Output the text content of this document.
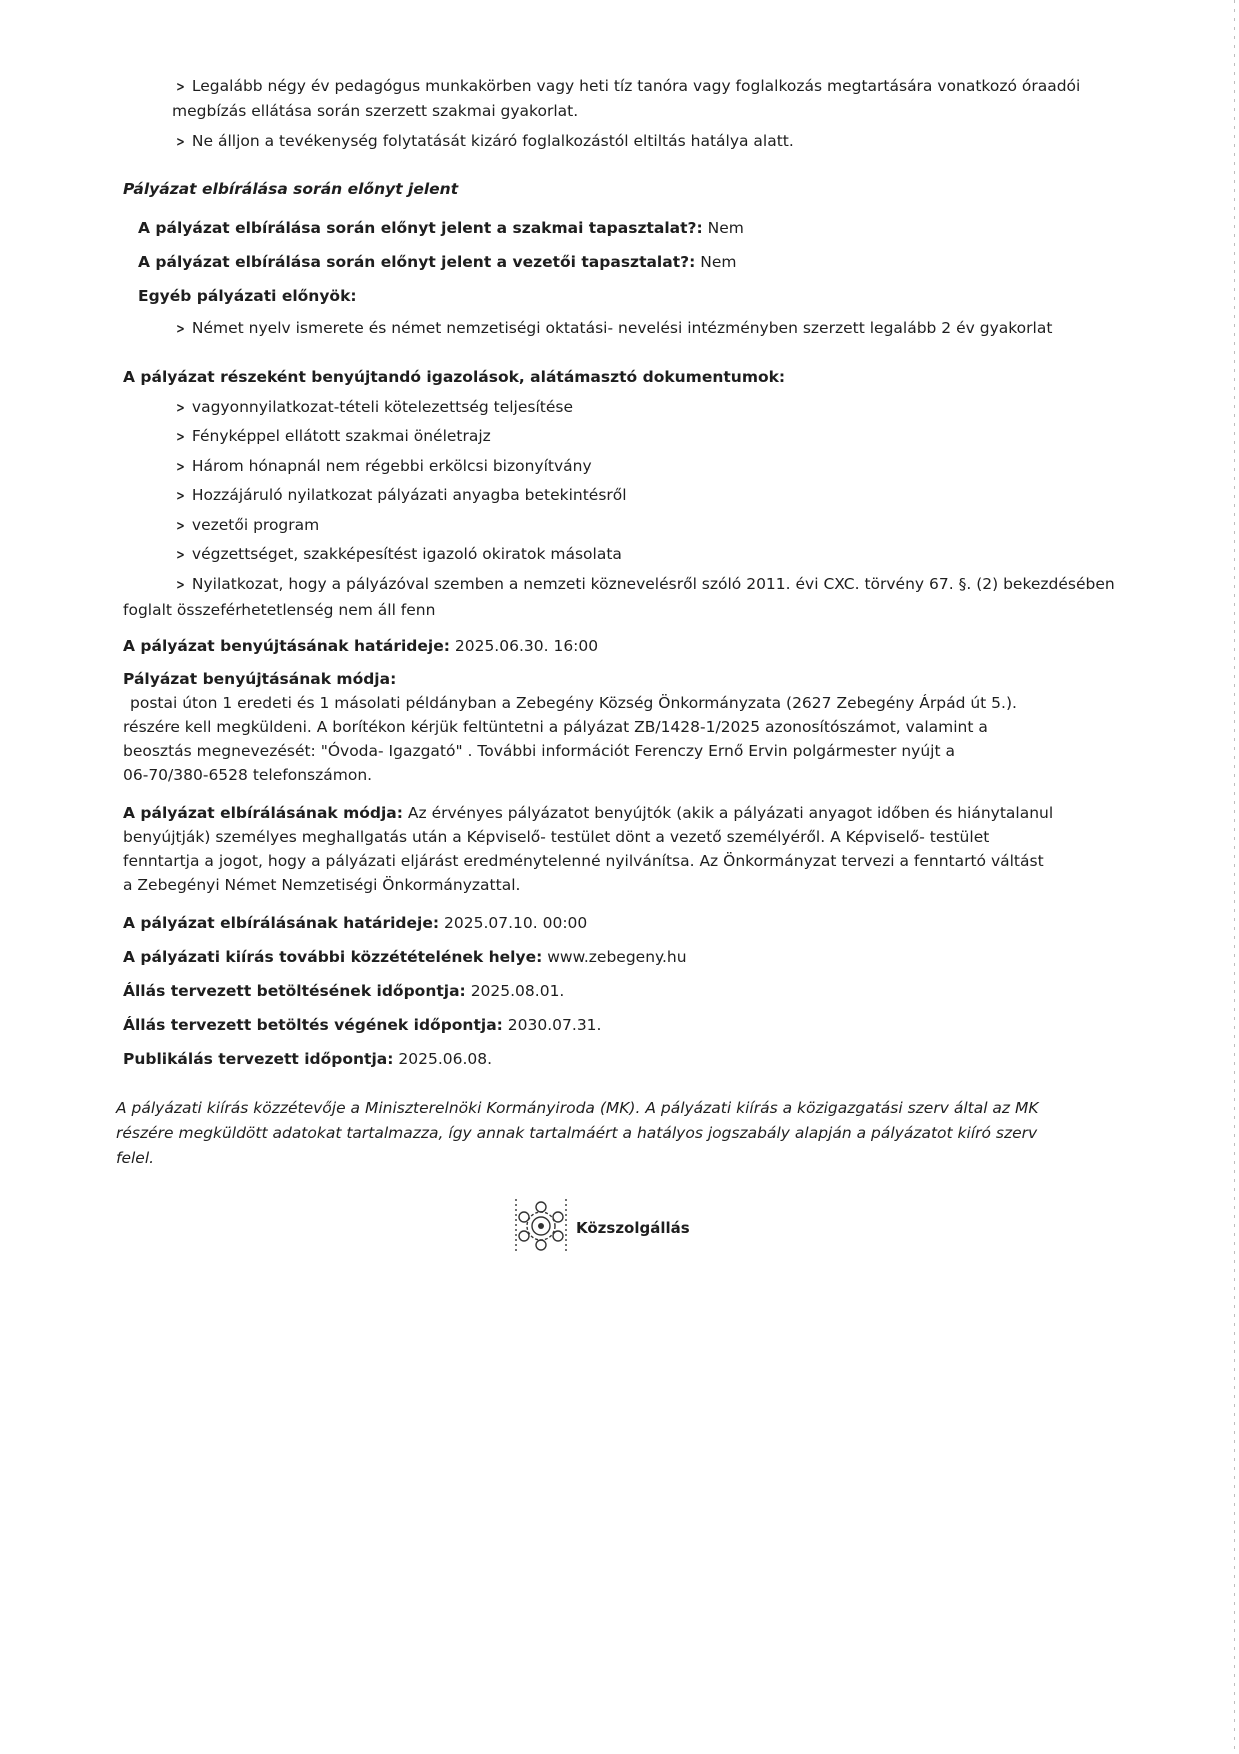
> Legalább négy év pedagógus munkakörben vagy heti tíz tanóra vagy foglalkozás megtartására vonatkozó óraadói
megbízás ellátása során szerzett szakmai gyakorlat.
> Ne álljon a tevékenység folytatását kizáró foglalkozástól eltiltás hatálya alatt.
Pályázat elbírálása során előnyt jelent
A pályázat elbírálása során előnyt jelent a szakmai tapasztalat?: Nem
A pályázat elbírálása során előnyt jelent a vezetői tapasztalat?: Nem
Egyéb pályázati előnyök:
> Német nyelv ismerete és német nemzetiségi oktatási- nevelési intézményben szerzett legalább 2 év gyakorlat
A pályázat részeként benyújtandó igazolások, alátámasztó dokumentumok:
> vagyonnyilatkozat-tételi kötelezettség teljesítése
> Fényképpel ellátott szakmai önéletrajz
> Három hónapnál nem régebbi erkölcsi bizonyítvány
> Hozzájáruló nyilatkozat pályázati anyagba betekintésről
> vezetői program
> végzettséget, szakképesítést igazoló okiratok másolata
> Nyilatkozat, hogy a pályázóval szemben a nemzeti köznevelésről szóló 2011. évi CXC. törvény 67. §. (2) bekezdésében
foglalt összeférhetetlenség nem áll fenn
A pályázat benyújtásának határideje: 2025.06.30. 16:00
Pályázat benyújtásának módja:
postai úton 1 eredeti és 1 másolati példányban a Zebegény Község Önkormányzata (2627 Zebegény Árpád út 5.).
részére kell megküldeni. A borítékon kérjük feltüntetni a pályázat ZB/1428-1/2025 azonosítószámot, valamint a
beosztás megnevezését: "Óvoda- Igazgató" . További információt Ferenczy Ernő Ervin polgármester nyújt a
06-70/380-6528 telefonszámon.
A pályázat elbírálásának módja: Az érvényes pályázatot benyújtók (akik a pályázati anyagot időben és hiánytalanul
benyújtják) személyes meghallgatás után a Képviselő- testület dönt a vezető személyéről. A Képviselő- testület
fenntartja a jogot, hogy a pályázati eljárást eredménytelenné nyilvánítsa. Az Önkormányzat tervezi a fenntartó váltást
a Zebegényi Német Nemzetiségi Önkormányzattal.
A pályázat elbírálásának határideje: 2025.07.10. 00:00
A pályázati kiírás további közzétételének helye: www.zebegeny.hu
Állás tervezett betöltésének időpontja: 2025.08.01.
Állás tervezett betöltés végének időpontja: 2030.07.31.
Publikálás tervezett időpontja: 2025.06.08.
A pályázati kiírás közzétevője a Miniszterelnöki Kormányiroda (MK). A pályázati kiírás a közigazgatási szerv által az MK
részére megküldött adatokat tartalmazza, így annak tartalmáért a hatályos jogszabály alapján a pályázatot kiíró szerv
felel.
Közszolgállás
